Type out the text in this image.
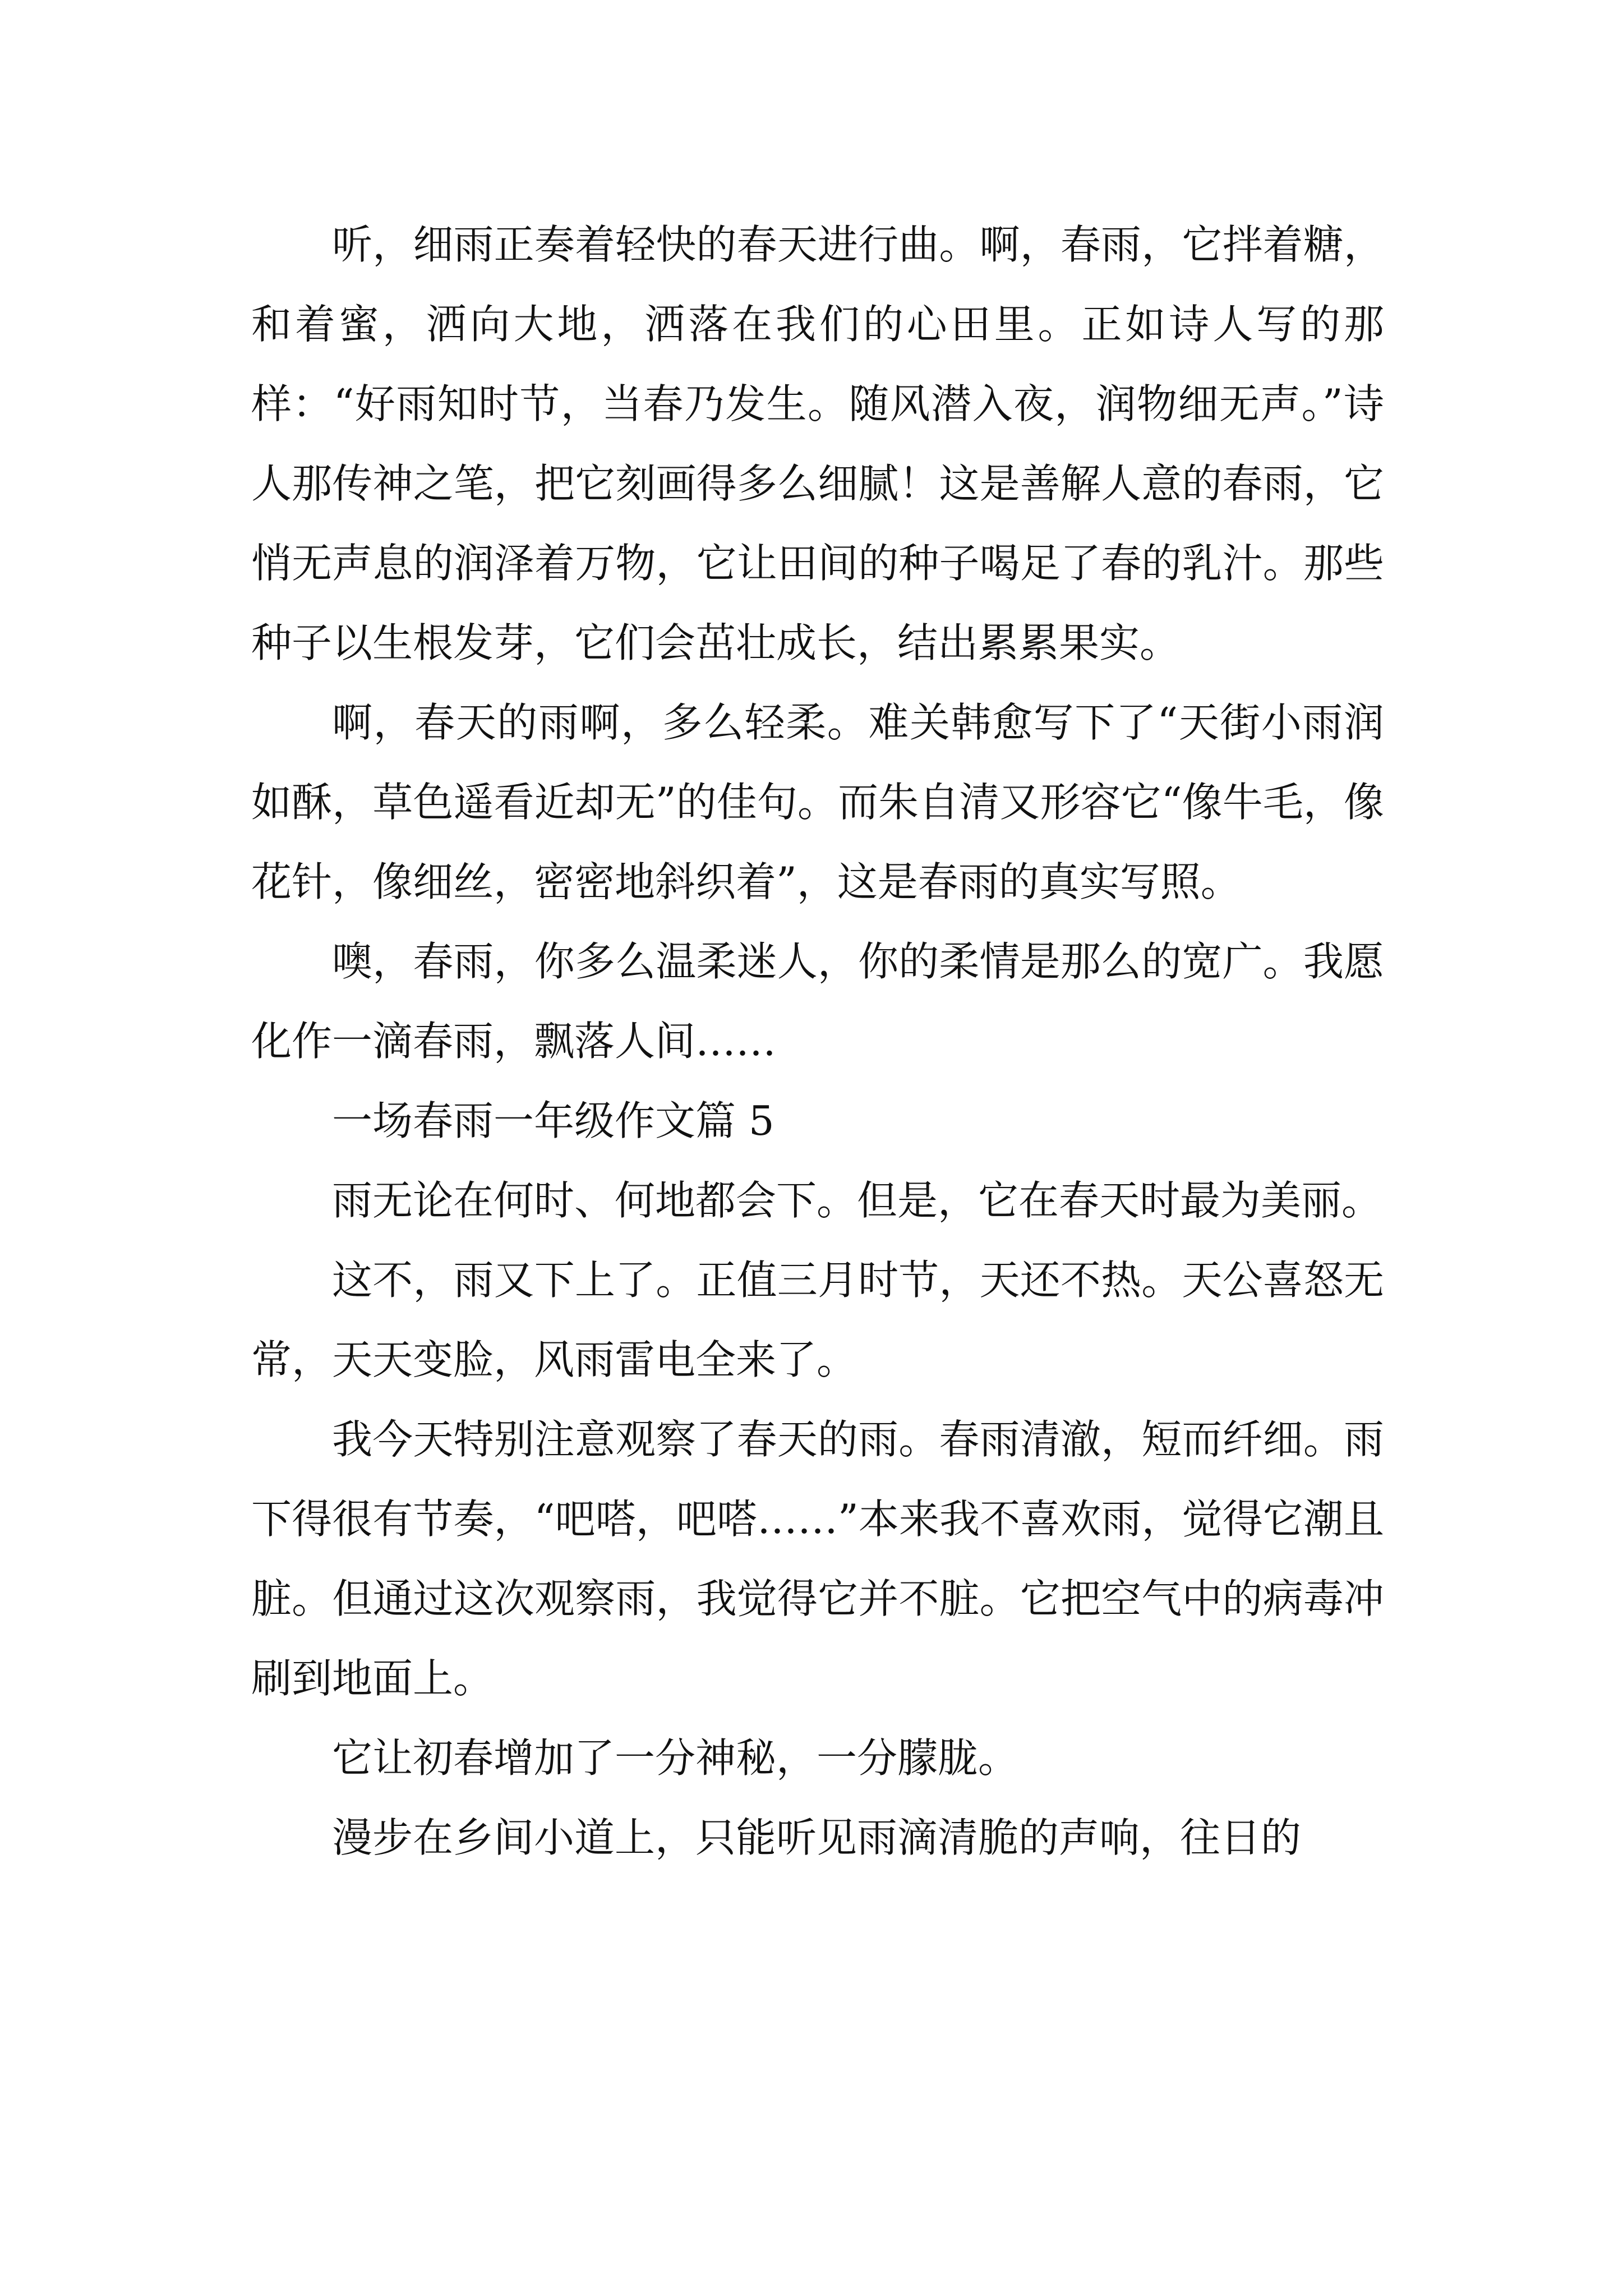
听，细雨正奏着轻快的春天进行曲。啊，春雨，它拌着糖，和着蜜，洒向大地，洒落在我们的心田里。正如诗人写的那样：“好雨知时节，当春乃发生。随风潜入夜，润物细无声。”诗人那传神之笔，把它刻画得多么细腻！这是善解人意的春雨，它悄无声息的润泽着万物，它让田间的种子喝足了春的乳汁。那些种子以生根发芽，它们会茁壮成长，结出累累果实。

啊，春天的雨啊，多么轻柔。难关韩愈写下了“天街小雨润如酥，草色遥看近却无”的佳句。而朱自清又形容它“像牛毛，像花针，像细丝，密密地斜织着”，这是春雨的真实写照。

噢，春雨，你多么温柔迷人，你的柔情是那么的宽广。我愿化作一滴春雨，飘落人间……

一场春雨一年级作文篇 5

雨无论在何时、何地都会下。但是，它在春天时最为美丽。

这不，雨又下上了。正值三月时节，天还不热。天公喜怒无常，天天变脸，风雨雷电全来了。

我今天特别注意观察了春天的雨。春雨清澈，短而纤细。雨下得很有节奏，“吧嗒，吧嗒……”本来我不喜欢雨，觉得它潮且脏。但通过这次观察雨，我觉得它并不脏。它把空气中的病毒冲刷到地面上。

它让初春增加了一分神秘，一分朦胧。

漫步在乡间小道上，只能听见雨滴清脆的声响，往日的
